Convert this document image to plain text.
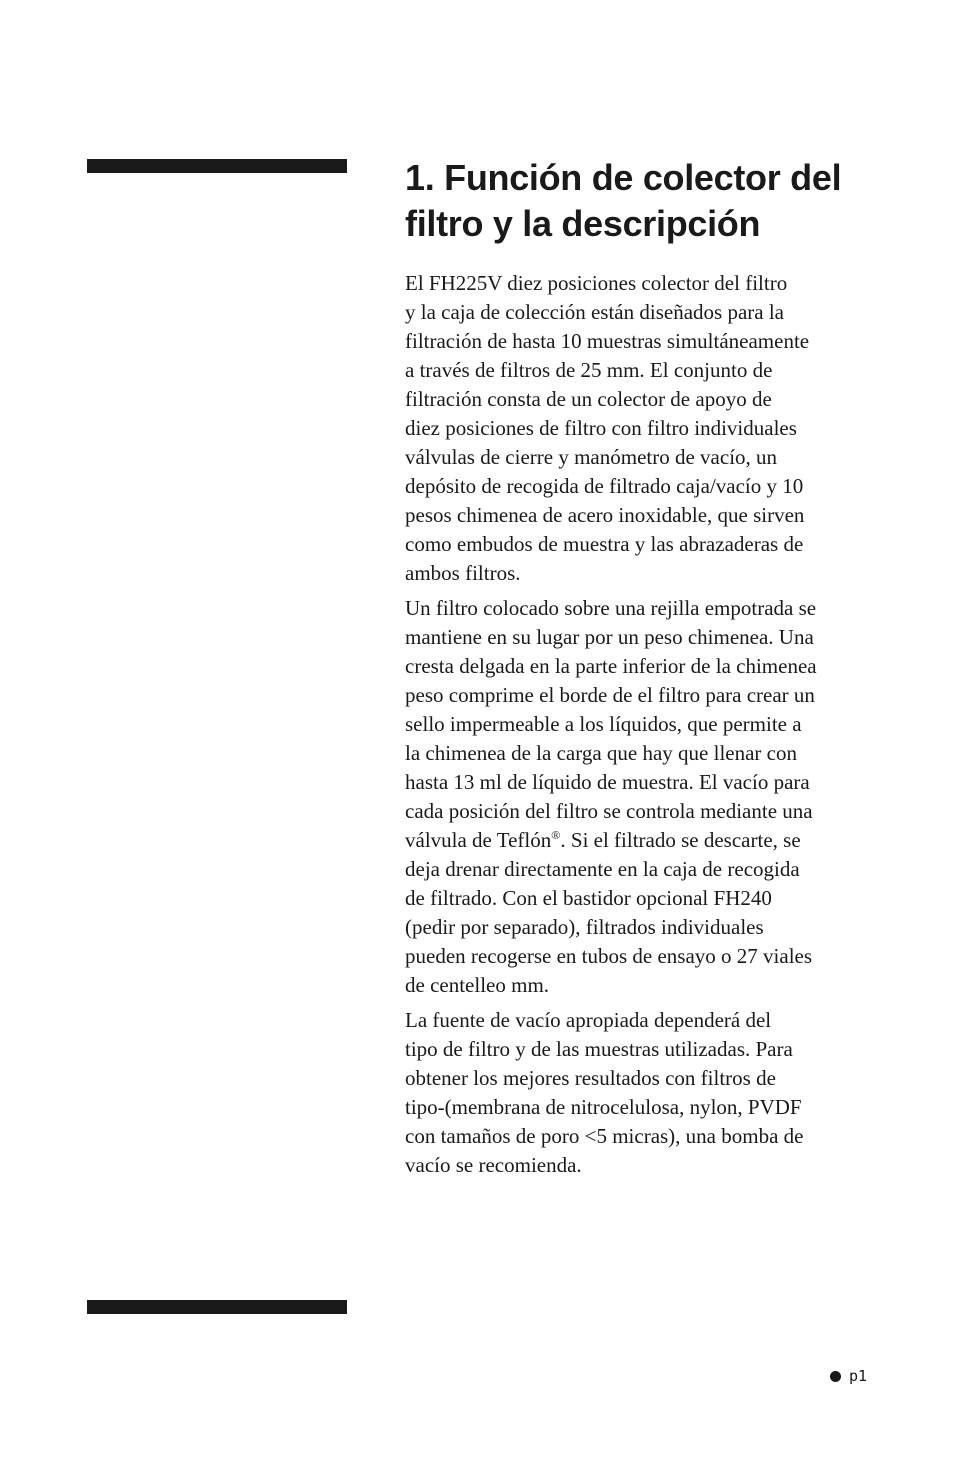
1. Función de colector del
filtro y la descripción

El FH225V diez posiciones colector del filtro
y la caja de colección están diseñados para la
filtración de hasta 10 muestras simultáneamente
a través de filtros de 25 mm. El conjunto de
filtración consta de un colector de apoyo de
diez posiciones de filtro con filtro individuales
válvulas de cierre y manómetro de vacío, un
depósito de recogida de filtrado caja/vacío y 10
pesos chimenea de acero inoxidable, que sirven
como embudos de muestra y las abrazaderas de
ambos filtros.

Un filtro colocado sobre una rejilla empotrada se
mantiene en su lugar por un peso chimenea. Una
cresta delgada en la parte inferior de la chimenea
peso comprime el borde de el filtro para crear un
sello impermeable a los líquidos, que permite a
la chimenea de la carga que hay que llenar con
hasta 13 ml de líquido de muestra. El vacío para
cada posición del filtro se controla mediante una
válvula de Teflón®. Si el filtrado se descarte, se
deja drenar directamente en la caja de recogida
de filtrado. Con el bastidor opcional FH240
(pedir por separado), filtrados individuales
pueden recogerse en tubos de ensayo o 27 viales
de centelleo mm.

La fuente de vacío apropiada dependerá del
tipo de filtro y de las muestras utilizadas. Para
obtener los mejores resultados con filtros de
tipo-(membrana de nitrocelulosa, nylon, PVDF
con tamaños de poro <5 micras), una bomba de
vacío se recomienda.

p1
